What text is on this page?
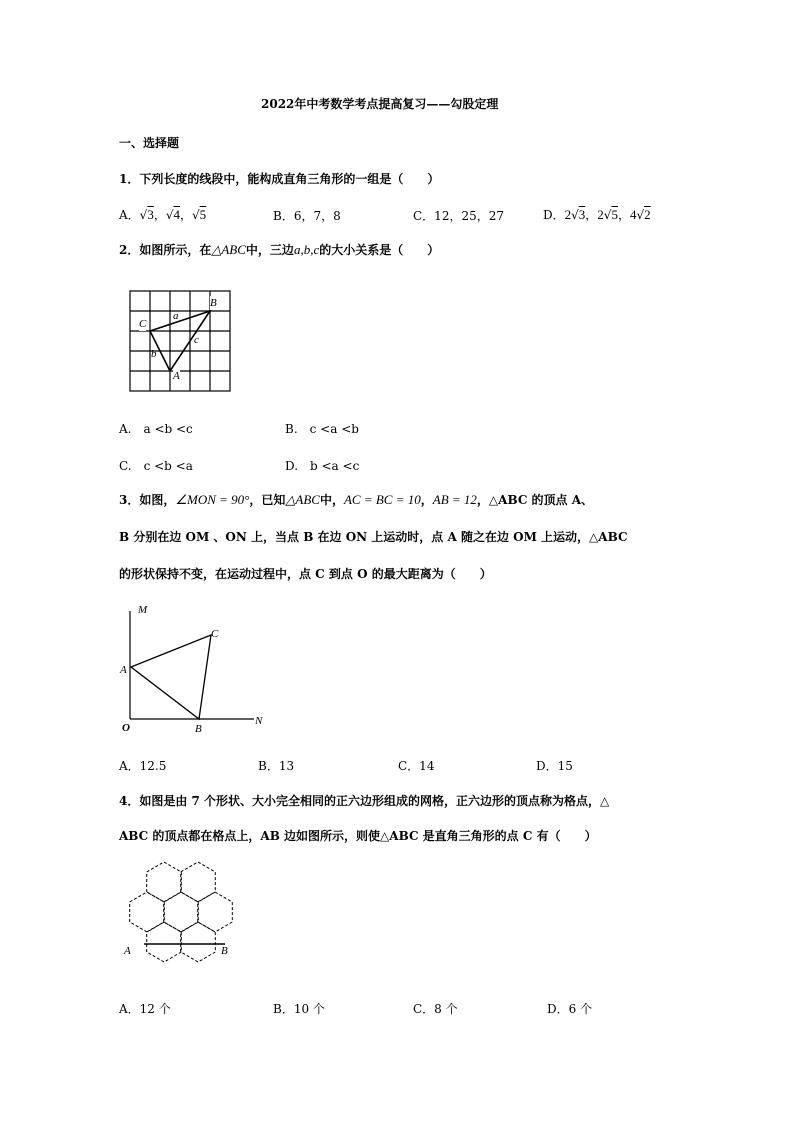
2022年中考数学考点提高复习——勾股定理
一、选择题
1．下列长度的线段中，能构成直角三角形的一组是（　　）
A．√3，√4，√5	B．6，7，8	C．12，25，27	D．2√3，2√5，4√2
2．如图所示，在△ABC中，三边a,b,c的大小关系是（　　）
B
C
a
b
c
A
A.　a <b <c	B.　c <a <b
C.　c <b <a	D.　b <a <c
3．如图，∠MON = 90°，已知△ABC中，AC = BC = 10，AB = 12，△ABC 的顶点 A、
B 分别在边 OM 、ON 上，当点 B 在边 ON 上运动时，点 A 随之在边 OM 上运动，△ABC
的形状保持不变，在运动过程中，点 C 到点 O 的最大距离为（　　）
M
C
A
O	B
N
A．12.5	B．13	C．14	D．15
4．如图是由 7 个形状、大小完全相同的正六边形组成的网格，正六边形的顶点称为格点，△
ABC 的顶点都在格点上，AB 边如图所示，则使△ABC 是直角三角形的点 C 有（　　）
A	B
A．12 个	B．10 个	C．8 个	D．6 个
